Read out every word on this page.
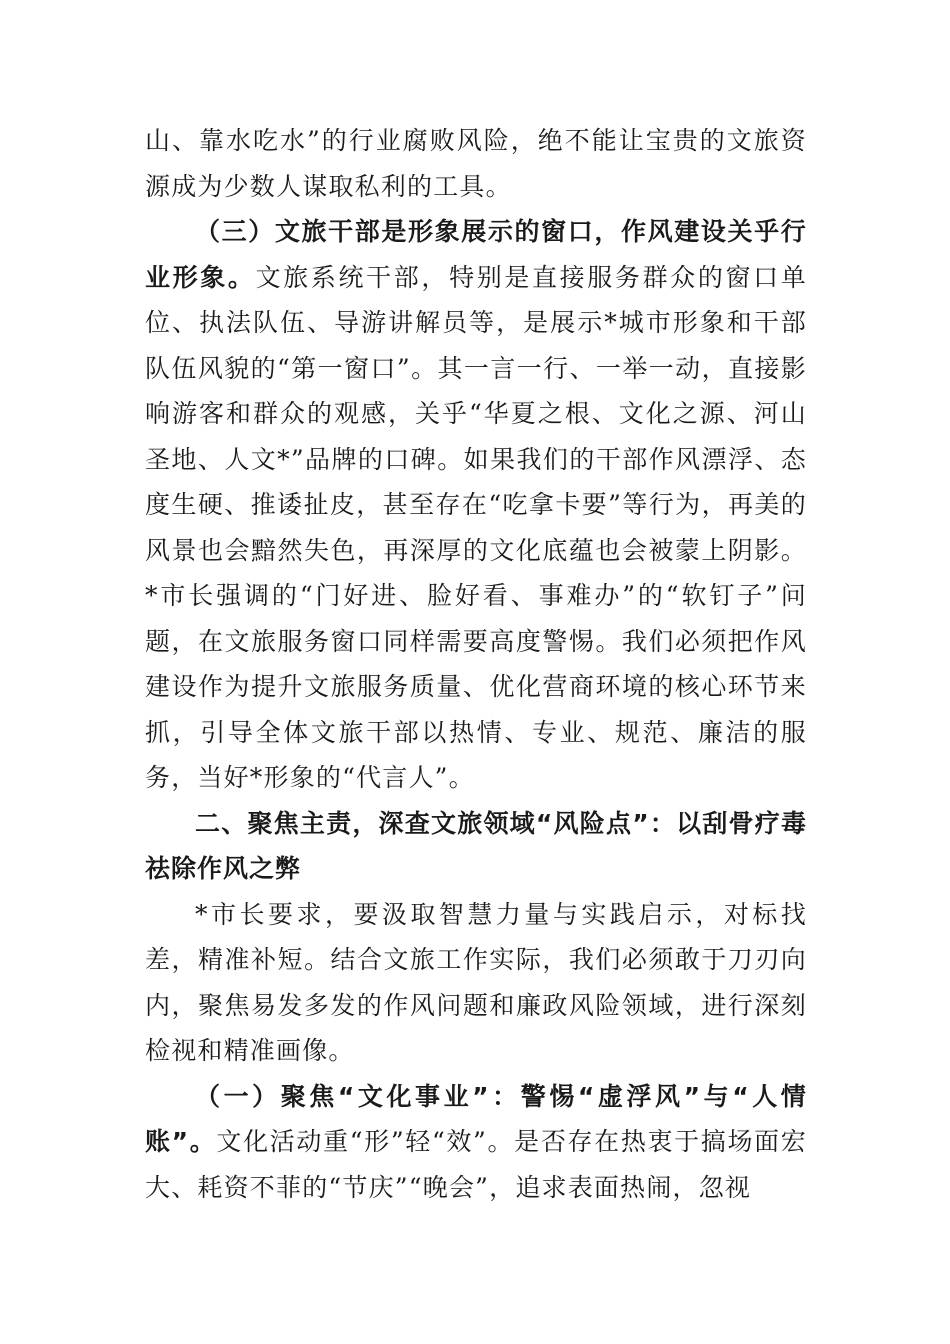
山、靠水吃水”的行业腐败风险，绝不能让宝贵的文旅资源成为少数人谋取私利的工具。

（三）文旅干部是形象展示的窗口，作风建设关乎行业形象。文旅系统干部，特别是直接服务群众的窗口单位、执法队伍、导游讲解员等，是展示*城市形象和干部队伍风貌的“第一窗口”。其一言一行、一举一动，直接影响游客和群众的观感，关乎“华夏之根、文化之源、河山圣地、人文*”品牌的口碑。如果我们的干部作风漂浮、态度生硬、推诿扯皮，甚至存在“吃拿卡要”等行为，再美的风景也会黯然失色，再深厚的文化底蕴也会被蒙上阴影。*市长强调的“门好进、脸好看、事难办”的“软钉子”问题，在文旅服务窗口同样需要高度警惕。我们必须把作风建设作为提升文旅服务质量、优化营商环境的核心环节来抓，引导全体文旅干部以热情、专业、规范、廉洁的服务，当好*形象的“代言人”。

二、聚焦主责，深查文旅领域“风险点”：以刮骨疗毒祛除作风之弊

*市长要求，要汲取智慧力量与实践启示，对标找差，精准补短。结合文旅工作实际，我们必须敢于刀刃向内，聚焦易发多发的作风问题和廉政风险领域，进行深刻检视和精准画像。

（一）聚焦“文化事业”：警惕“虚浮风”与“人情账”。文化活动重“形”轻“效”。是否存在热衷于搞场面宏大、耗资不菲的“节庆”“晚会”，追求表面热闹，忽视
